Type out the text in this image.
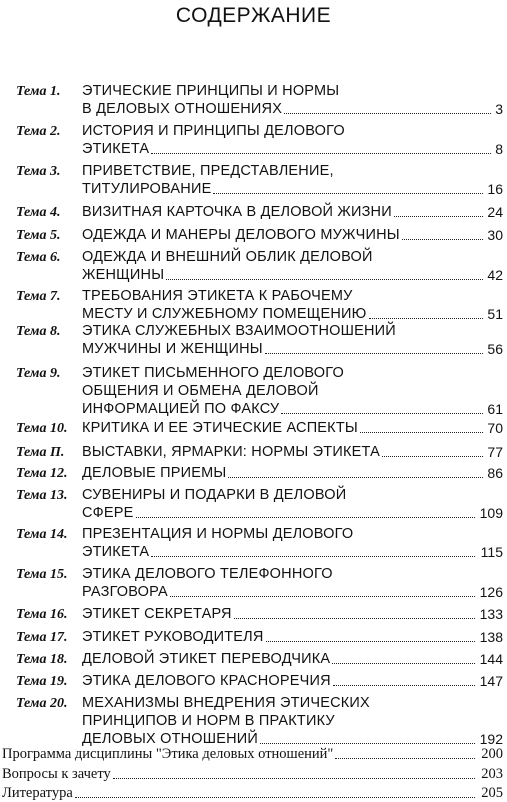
СОДЕРЖАНИЕ
Тема 1.	ЭТИЧЕСКИЕ ПРИНЦИПЫ И НОРМЫ
В ДЕЛОВЫХ ОТНОШЕНИЯХ	3
Тема 2.	ИСТОРИЯ И ПРИНЦИПЫ ДЕЛОВОГО
ЭТИКЕТА	8
Тема 3.	ПРИВЕТСТВИЕ, ПРЕДСТАВЛЕНИЕ,
ТИТУЛИРОВАНИЕ	16
Тема 4.	ВИЗИТНАЯ КАРТОЧКА В ДЕЛОВОЙ ЖИЗНИ	24
Тема 5.	ОДЕЖДА И МАНЕРЫ ДЕЛОВОГО МУЖЧИНЫ	30
Тема 6.	ОДЕЖДА И ВНЕШНИЙ ОБЛИК ДЕЛОВОЙ
ЖЕНЩИНЫ	42
Тема 7.	ТРЕБОВАНИЯ ЭТИКЕТА К РАБОЧЕМУ
МЕСТУ И СЛУЖЕБНОМУ ПОМЕЩЕНИЮ	51
Тема 8.	ЭТИКА СЛУЖЕБНЫХ ВЗАИМООТНОШЕНИЙ
МУЖЧИНЫ И ЖЕНЩИНЫ	56
Тема 9.	ЭТИКЕТ ПИСЬМЕННОГО ДЕЛОВОГО
ОБЩЕНИЯ И ОБМЕНА ДЕЛОВОЙ
ИНФОРМАЦИЕЙ ПО ФАКСУ	61
Тема 10. КРИТИКА И ЕЕ ЭТИЧЕСКИЕ АСПЕКТЫ	70
Тема П.	ВЫСТАВКИ, ЯРМАРКИ: НОРМЫ ЭТИКЕТА	77
Тема 12. ДЕЛОВЫЕ ПРИЕМЫ	86
Тема 13. СУВЕНИРЫ И ПОДАРКИ В ДЕЛОВОЙ
СФЕРЕ	109
Тема 14. ПРЕЗЕНТАЦИЯ И НОРМЫ ДЕЛОВОГО
ЭТИКЕТА	115
Тема 15. ЭТИКА ДЕЛОВОГО ТЕЛЕФОННОГО
РАЗГОВОРА	126
Тема 16. ЭТИКЕТ СЕКРЕТАРЯ	133
Тема 17. ЭТИКЕТ РУКОВОДИТЕЛЯ	138
Тема 18. ДЕЛОВОЙ ЭТИКЕТ ПЕРЕВОДЧИКА	144
Тема 19. ЭТИКА ДЕЛОВОГО КРАСНОРЕЧИЯ	147
Тема 20. МЕХАНИЗМЫ ВНЕДРЕНИЯ ЭТИЧЕСКИХ
ПРИНЦИПОВ И НОРМ В ПРАКТИКУ
ДЕЛОВЫХ ОТНОШЕНИЙ	192
Программа дисциплины "Этика деловых отношений"	200
Вопросы к зачету	203
Литература	205
